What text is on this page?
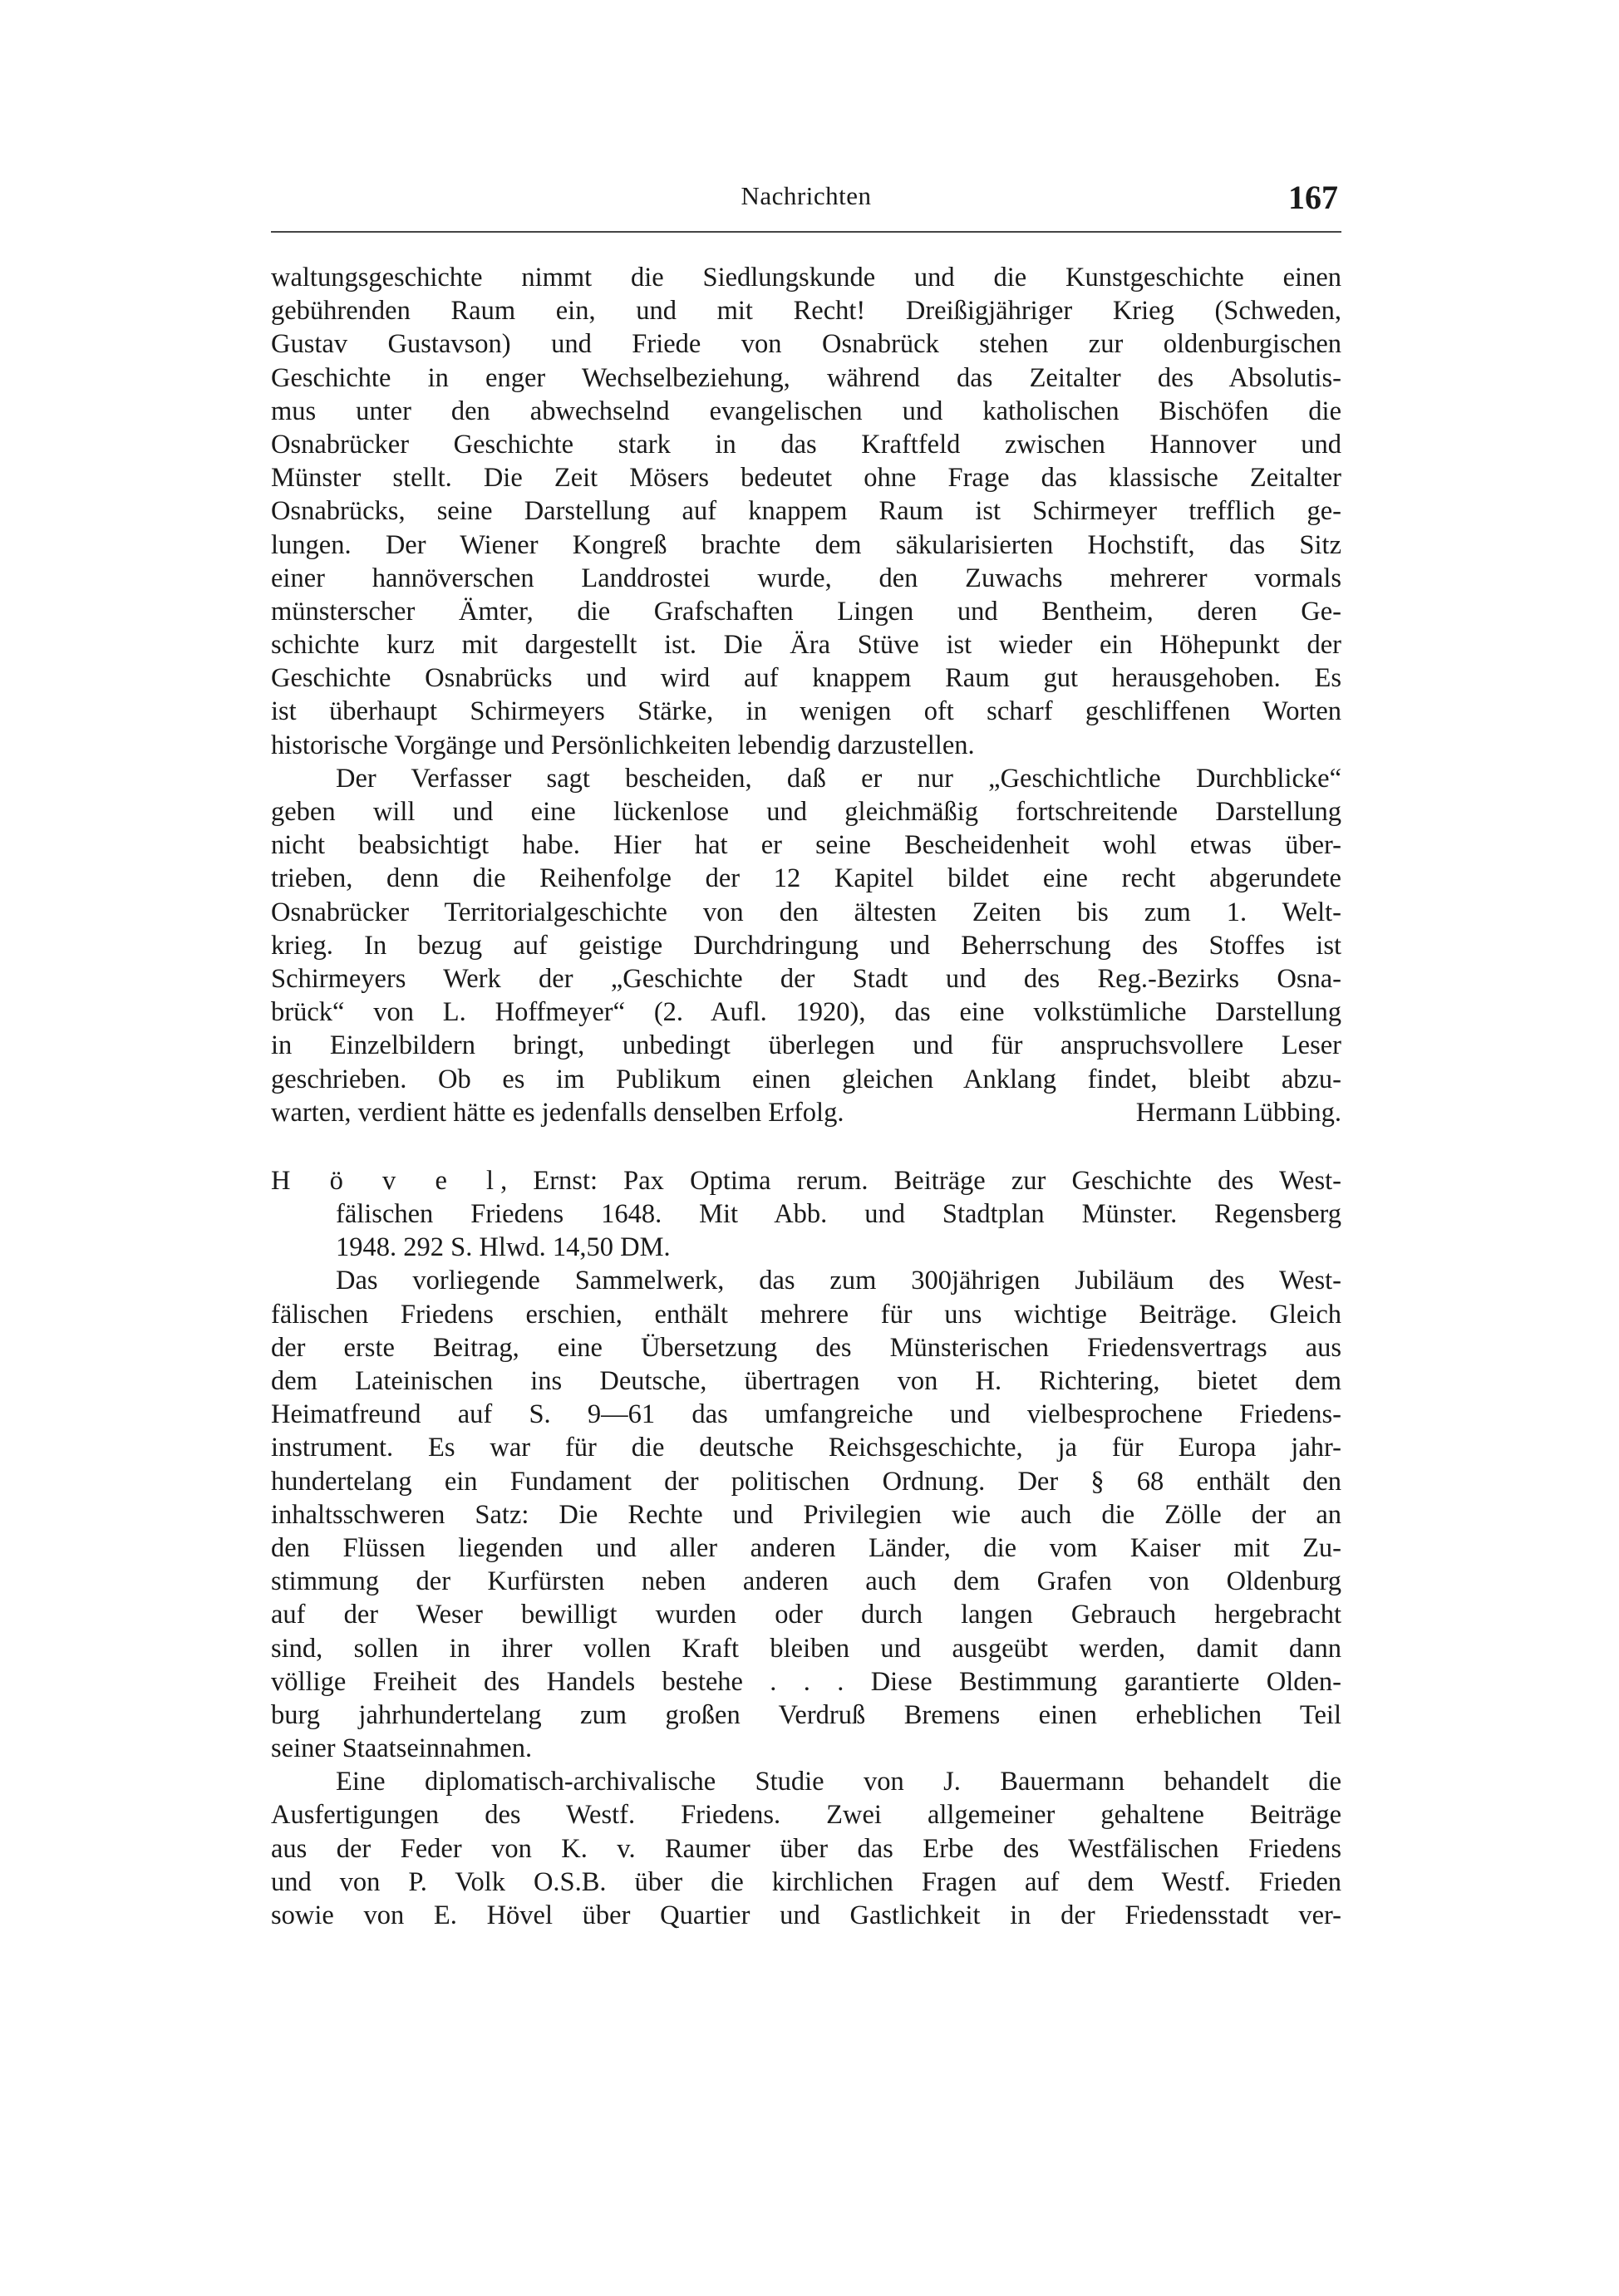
Nachrichten	167
waltungsgeschichte nimmt die Siedlungskunde und die Kunstgeschichte einen
gebührenden Raum ein, und mit Recht! Dreißigjähriger Krieg (Schweden,
Gustav Gustavson) und Friede von Osnabrück stehen zur oldenburgischen
Geschichte in enger Wechselbeziehung, während das Zeitalter des Absolutis-
mus unter den abwechselnd evangelischen und katholischen Bischöfen die
Osnabrücker Geschichte stark in das Kraftfeld zwischen Hannover und
Münster stellt. Die Zeit Mösers bedeutet ohne Frage das klassische Zeitalter
Osnabrücks, seine Darstellung auf knappem Raum ist Schirmeyer trefflich ge-
lungen. Der Wiener Kongreß brachte dem säkularisierten Hochstift, das Sitz
einer hannöverschen Landdrostei wurde, den Zuwachs mehrerer vormals
münsterscher Ämter, die Grafschaften Lingen und Bentheim, deren Ge-
schichte kurz mit dargestellt ist. Die Ära Stüve ist wieder ein Höhepunkt der
Geschichte Osnabrücks und wird auf knappem Raum gut herausgehoben. Es
ist überhaupt Schirmeyers Stärke, in wenigen oft scharf geschliffenen Worten
historische Vorgänge und Persönlichkeiten lebendig darzustellen.
Der Verfasser sagt bescheiden, daß er nur „Geschichtliche Durchblicke“
geben will und eine lückenlose und gleichmäßig fortschreitende Darstellung
nicht beabsichtigt habe. Hier hat er seine Bescheidenheit wohl etwas über-
trieben, denn die Reihenfolge der 12 Kapitel bildet eine recht abgerundete
Osnabrücker Territorialgeschichte von den ältesten Zeiten bis zum 1. Welt-
krieg. In bezug auf geistige Durchdringung und Beherrschung des Stoffes ist
Schirmeyers Werk der „Geschichte der Stadt und des Reg.-Bezirks Osna-
brück“ von L. Hoffmeyer“ (2. Aufl. 1920), das eine volkstümliche Darstellung
in Einzelbildern bringt, unbedingt überlegen und für anspruchsvollere Leser
geschrieben. Ob es im Publikum einen gleichen Anklang findet, bleibt abzu-
warten, verdient hätte es jedenfalls denselben Erfolg.	Hermann Lübbing.
H ö v e l, Ernst: Pax Optima rerum. Beiträge zur Geschichte des West-
fälischen Friedens 1648. Mit Abb. und Stadtplan Münster. Regensberg
1948. 292 S. Hlwd. 14,50 DM.
Das vorliegende Sammelwerk, das zum 300jährigen Jubiläum des West-
fälischen Friedens erschien, enthält mehrere für uns wichtige Beiträge. Gleich
der erste Beitrag, eine Übersetzung des Münsterischen Friedensvertrags aus
dem Lateinischen ins Deutsche, übertragen von H. Richtering, bietet dem
Heimatfreund auf S. 9—61 das umfangreiche und vielbesprochene Friedens-
instrument. Es war für die deutsche Reichsgeschichte, ja für Europa jahr-
hundertelang ein Fundament der politischen Ordnung. Der § 68 enthält den
inhaltsschweren Satz: Die Rechte und Privilegien wie auch die Zölle der an
den Flüssen liegenden und aller anderen Länder, die vom Kaiser mit Zu-
stimmung der Kurfürsten neben anderen auch dem Grafen von Oldenburg
auf der Weser bewilligt wurden oder durch langen Gebrauch hergebracht
sind, sollen in ihrer vollen Kraft bleiben und ausgeübt werden, damit dann
völlige Freiheit des Handels bestehe . . . Diese Bestimmung garantierte Olden-
burg jahrhundertelang zum großen Verdruß Bremens einen erheblichen Teil
seiner Staatseinnahmen.
Eine diplomatisch-archivalische Studie von J. Bauermann behandelt die
Ausfertigungen des Westf. Friedens. Zwei allgemeiner gehaltene Beiträge
aus der Feder von K. v. Raumer über das Erbe des Westfälischen Friedens
und von P. Volk O.S.B. über die kirchlichen Fragen auf dem Westf. Frieden
sowie von E. Hövel über Quartier und Gastlichkeit in der Friedensstadt ver-
